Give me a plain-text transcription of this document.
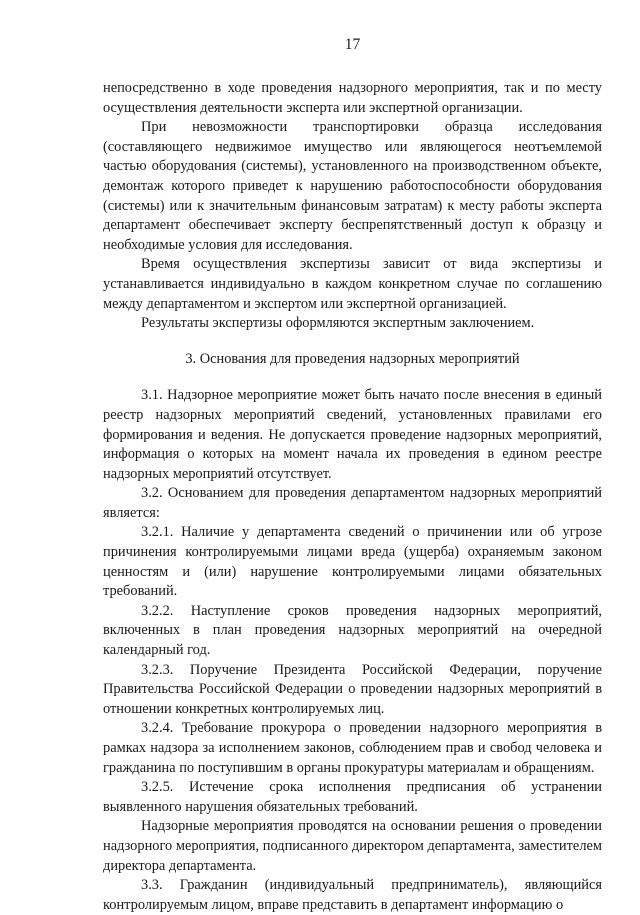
17

непосредственно в ходе проведения надзорного мероприятия, так и по месту осуществления деятельности эксперта или экспертной организации.

При невозможности транспортировки образца исследования (составляющего недвижимое имущество или являющегося неотъемлемой частью оборудования (системы), установленного на производственном объекте, демонтаж которого приведет к нарушению работоспособности оборудования (системы) или к значительным финансовым затратам) к месту работы эксперта департамент обеспечивает эксперту беспрепятственный доступ к образцу и необходимые условия для исследования.

Время осуществления экспертизы зависит от вида экспертизы и устанавливается индивидуально в каждом конкретном случае по соглашению между департаментом и экспертом или экспертной организацией.

Результаты экспертизы оформляются экспертным заключением.

3. Основания для проведения надзорных мероприятий

3.1. Надзорное мероприятие может быть начато после внесения в единый реестр надзорных мероприятий сведений, установленных правилами его формирования и ведения. Не допускается проведение надзорных мероприятий, информация о которых на момент начала их проведения в едином реестре надзорных мероприятий отсутствует.

3.2. Основанием для проведения департаментом надзорных мероприятий является:

3.2.1. Наличие у департамента сведений о причинении или об угрозе причинения контролируемыми лицами вреда (ущерба) охраняемым законом ценностям и (или) нарушение контролируемыми лицами обязательных требований.

3.2.2. Наступление сроков проведения надзорных мероприятий, включенных в план проведения надзорных мероприятий на очередной календарный год.

3.2.3. Поручение Президента Российской Федерации, поручение Правительства Российской Федерации о проведении надзорных мероприятий в отношении конкретных контролируемых лиц.

3.2.4. Требование прокурора о проведении надзорного мероприятия в рамках надзора за исполнением законов, соблюдением прав и свобод человека и гражданина по поступившим в органы прокуратуры материалам и обращениям.

3.2.5. Истечение срока исполнения предписания об устранении выявленного нарушения обязательных требований.

Надзорные мероприятия проводятся на основании решения о проведении надзорного мероприятия, подписанного директором департамента, заместителем директора департамента.

3.3. Гражданин (индивидуальный предприниматель), являющийся контролируемым лицом, вправе представить в департамент информацию о
